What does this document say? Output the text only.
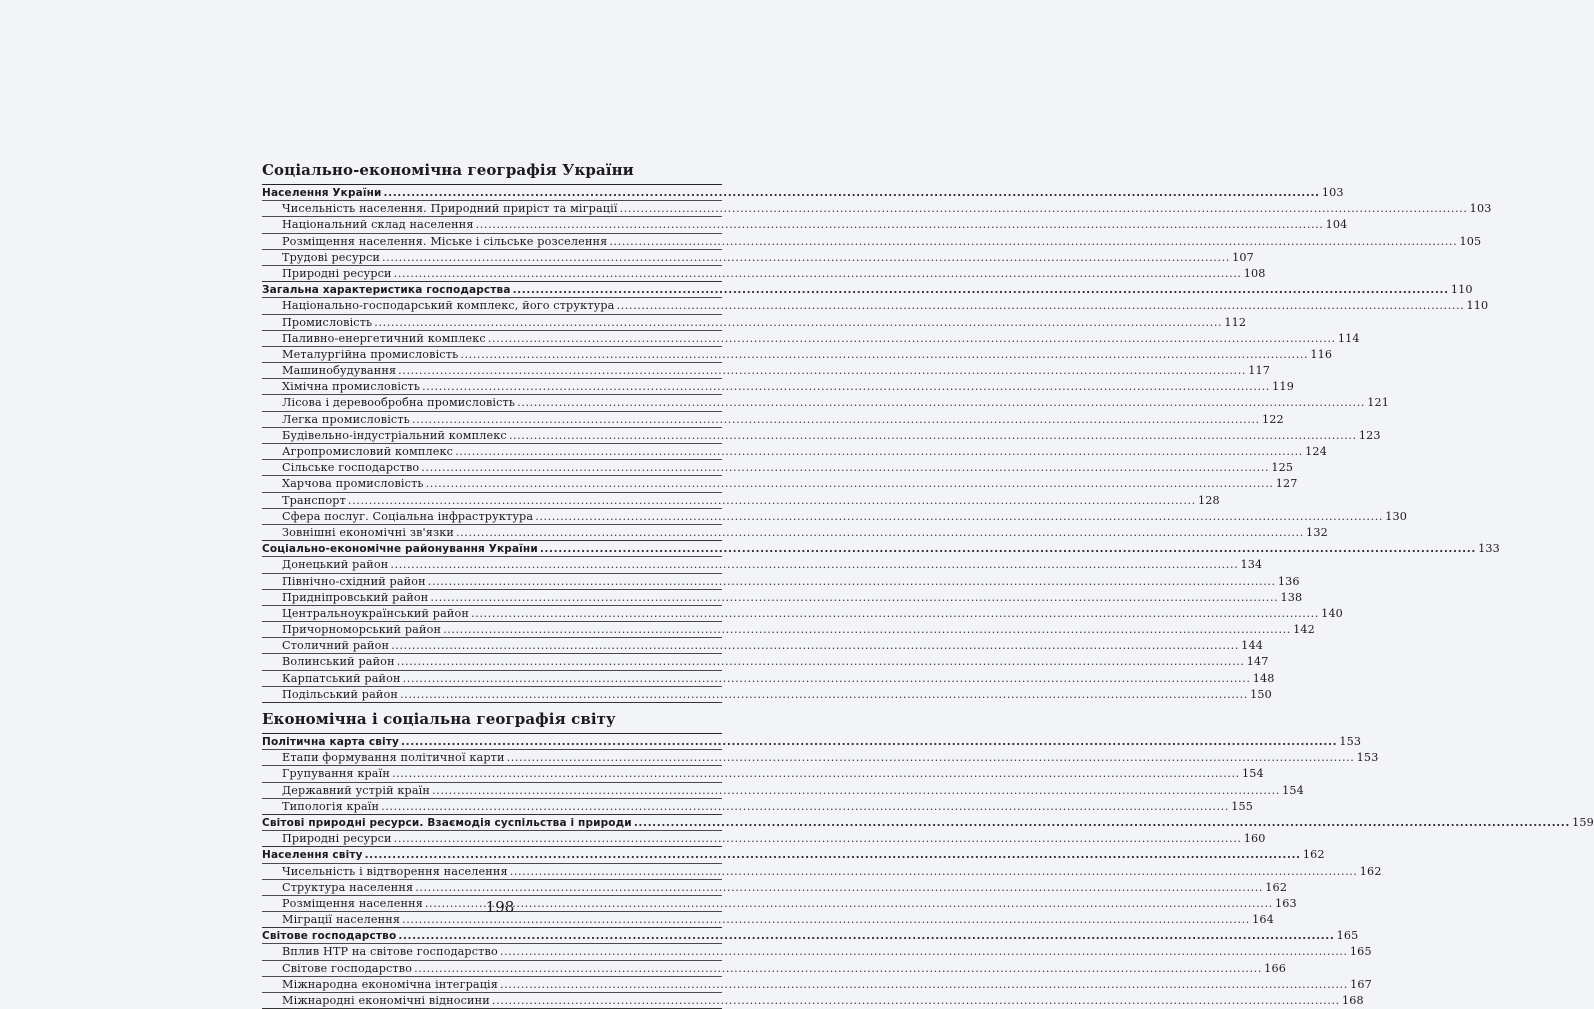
Соціально-економічна географія України
Населення України .....	103
Чисельність населення. Природний приріст та міграції .....	103
Національний склад населення .....	104
Розміщення населення. Міське і сільське розселення .....	105
Трудові ресурси .....	107
Природні ресурси .....	108
Загальна характеристика господарства .....	110
Національно-господарський комплекс, його структура .....	110
Промисловість .....	112
Паливно-енергетичний комплекс .....	114
Металургійна промисловість .....	116
Машинобудування .....	117
Хімічна промисловість .....	119
Лісова і деревообробна промисловість .....	121
Легка промисловість .....	122
Будівельно-індустріальний комплекс .....	123
Агропромисловий комплекс .....	124
Сільське господарство .....	125
Харчова промисловість .....	127
Транспорт .....	128
Сфера послуг. Соціальна інфраструктура .....	130
Зовнішні економічні зв'язки .....	132
Соціально-економічне районування України .....	133
Донецький район .....	134
Північно-східний район .....	136
Придніпровський район .....	138
Центральноукраїнський район .....	140
Причорноморський район .....	142
Столичний район .....	144
Волинський район .....	147
Карпатський район .....	148
Подільський район .....	150
Економічна і соціальна географія світу
Політична карта світу .....	153
Етапи формування політичної карти .....	153
Групування країн .....	154
Державний устрій країн .....	154
Типологія країн .....	155
Світові природні ресурси. Взаємодія суспільства і природи .....	159
Природні ресурси .....	160
Населення світу .....	162
Чисельність і відтворення населення .....	162
Структура населення .....	162
Розміщення населення .....	163
Міграції населення .....	164
Світове господарство .....	165
Вплив НТР на світове господарство .....	165
Світове господарство .....	166
Міжнародна економічна інтеграція .....	167
Міжнародні економічні відносини .....	168
198
